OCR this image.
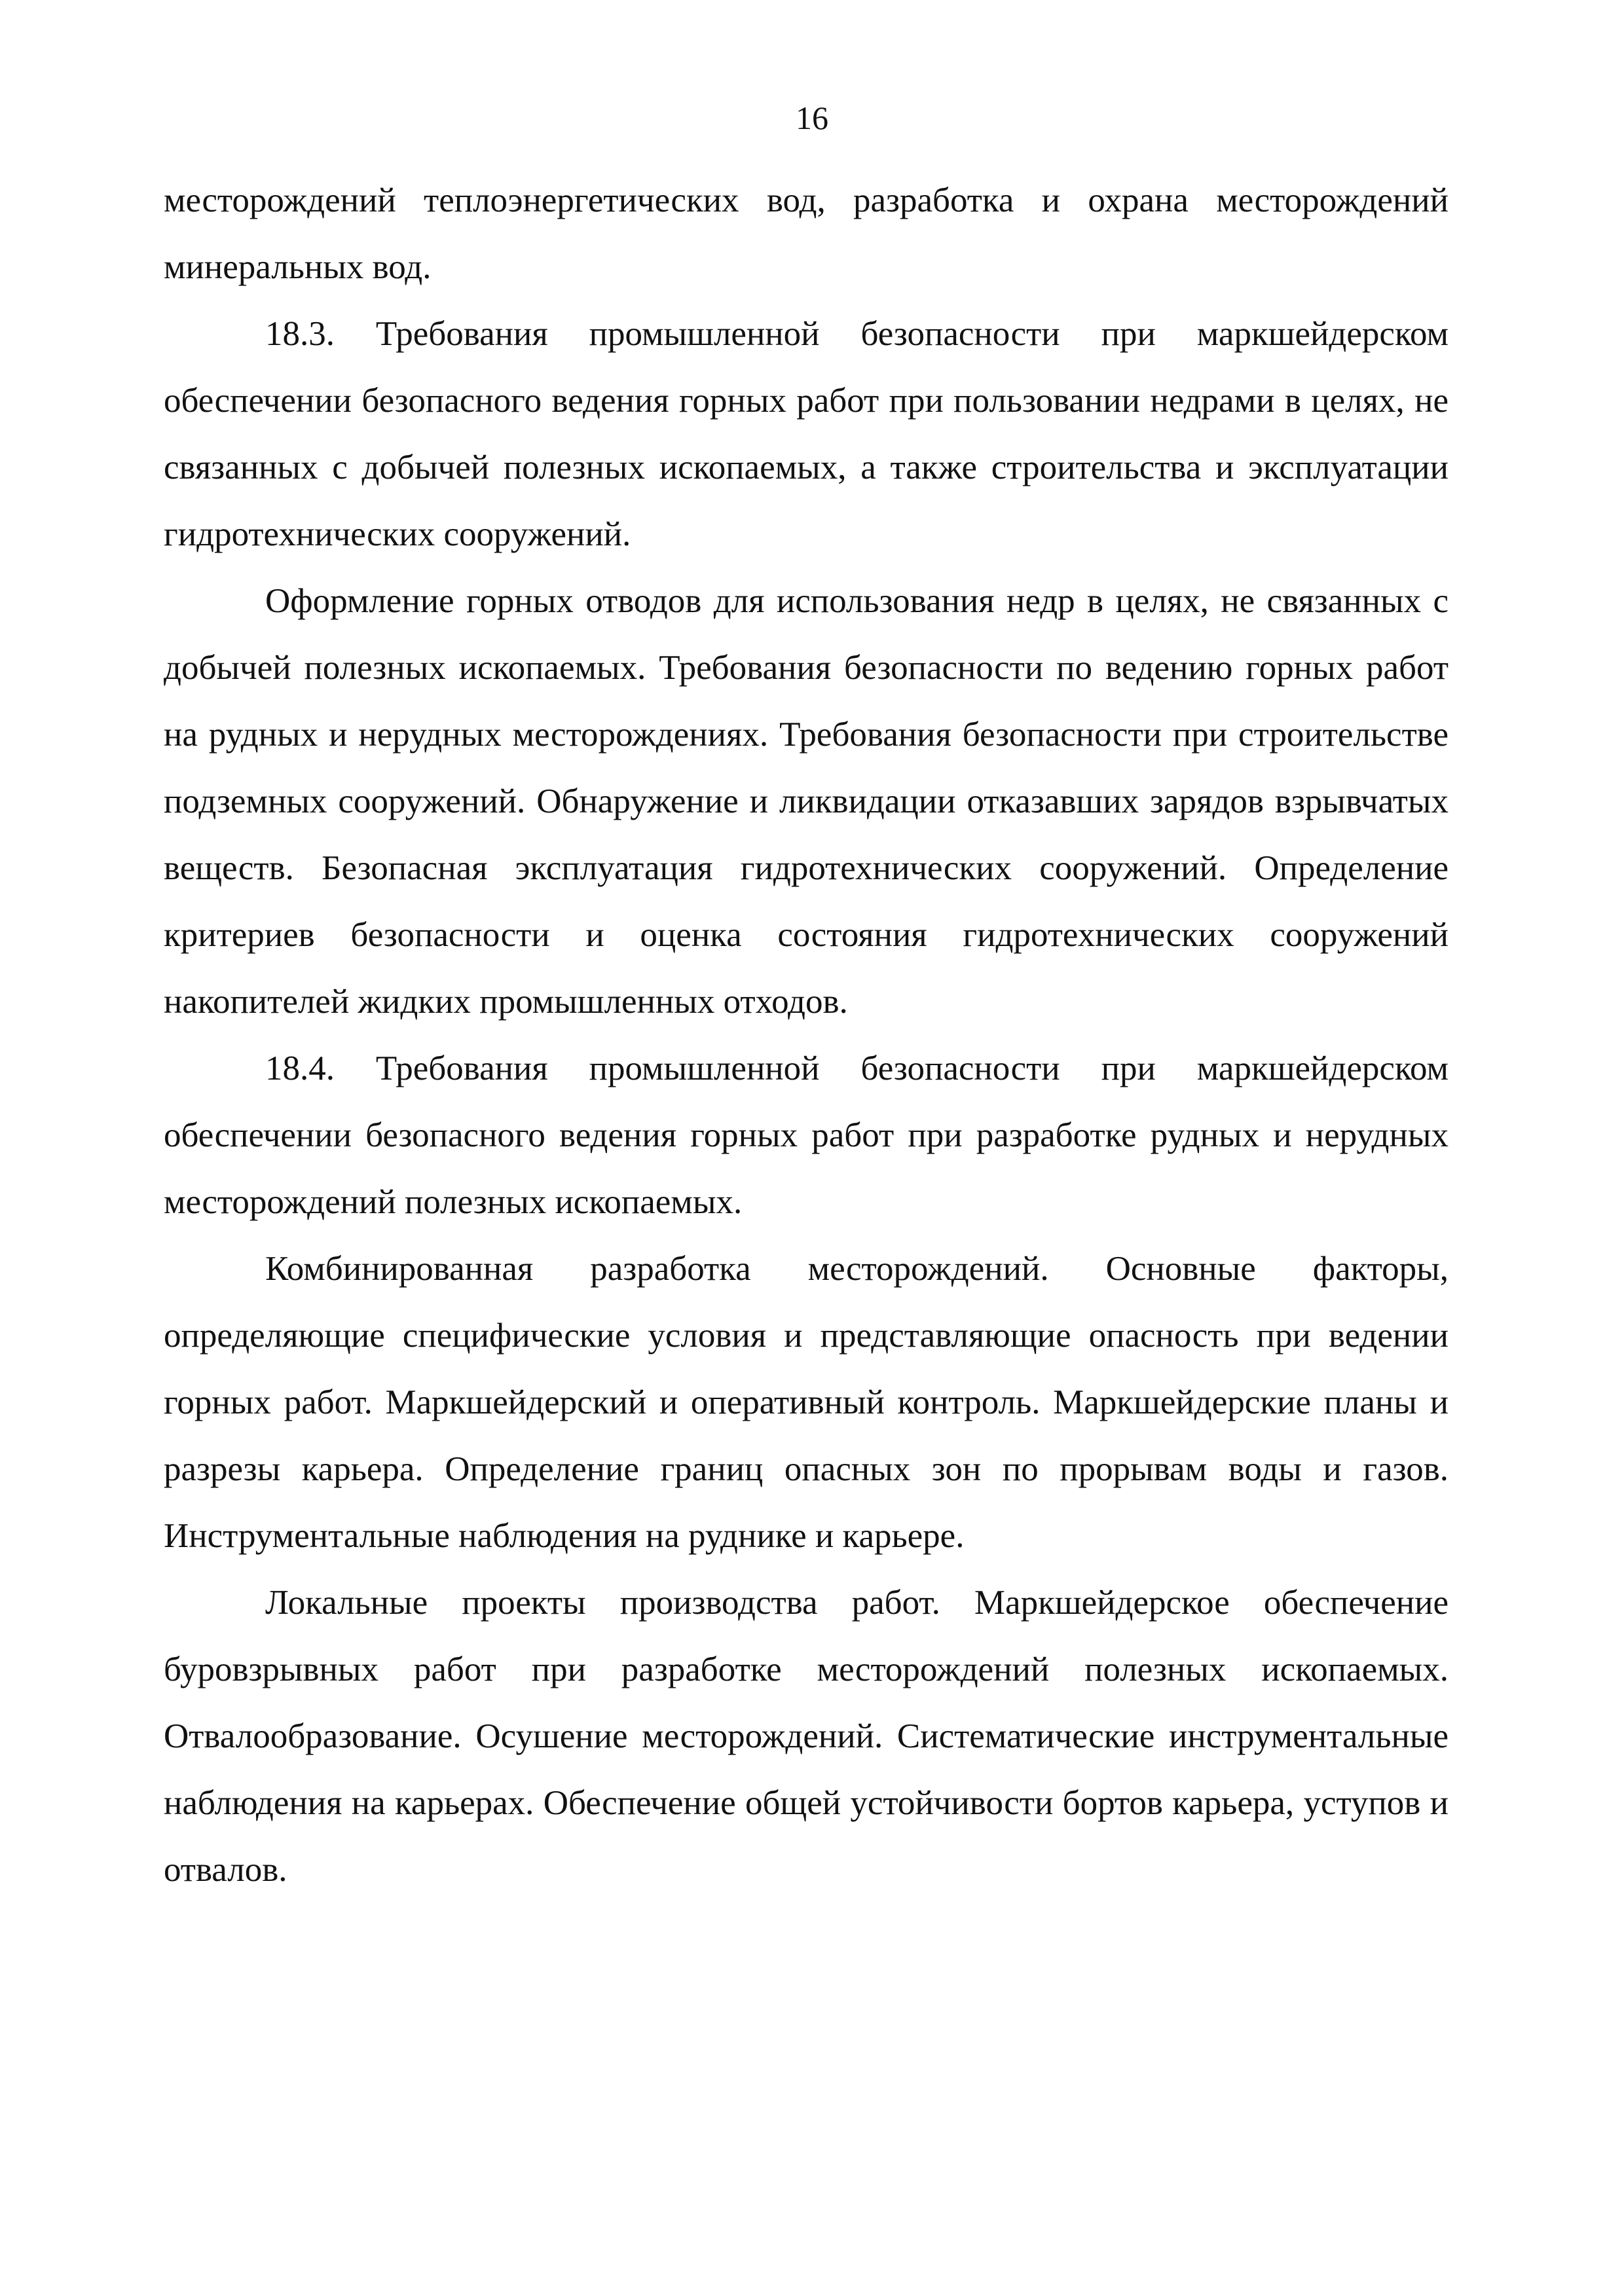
16

месторождений теплоэнергетических вод, разработка и охрана месторождений минеральных вод.

18.3. Требования промышленной безопасности при маркшейдерском обеспечении безопасного ведения горных работ при пользовании недрами в целях, не связанных с добычей полезных ископаемых, а также строительства и эксплуатации гидротехнических сооружений.

Оформление горных отводов для использования недр в целях, не связанных с добычей полезных ископаемых. Требования безопасности по ведению горных работ на рудных и нерудных месторождениях. Требования безопасности при строительстве подземных сооружений. Обнаружение и ликвидации отказавших зарядов взрывчатых веществ. Безопасная эксплуатация гидротехнических сооружений. Определение критериев безопасности и оценка состояния гидротехнических сооружений накопителей жидких промышленных отходов.

18.4. Требования промышленной безопасности при маркшейдерском обеспечении безопасного ведения горных работ при разработке рудных и нерудных месторождений полезных ископаемых.

Комбинированная разработка месторождений. Основные факторы, определяющие специфические условия и представляющие опасность при ведении горных работ. Маркшейдерский и оперативный контроль. Маркшейдерские планы и разрезы карьера. Определение границ опасных зон по прорывам воды и газов. Инструментальные наблюдения на руднике и карьере.

Локальные проекты производства работ. Маркшейдерское обеспечение буровзрывных работ при разработке месторождений полезных ископаемых. Отвалообразование. Осушение месторождений. Систематические инструментальные наблюдения на карьерах. Обеспечение общей устойчивости бортов карьера, уступов и отвалов.
